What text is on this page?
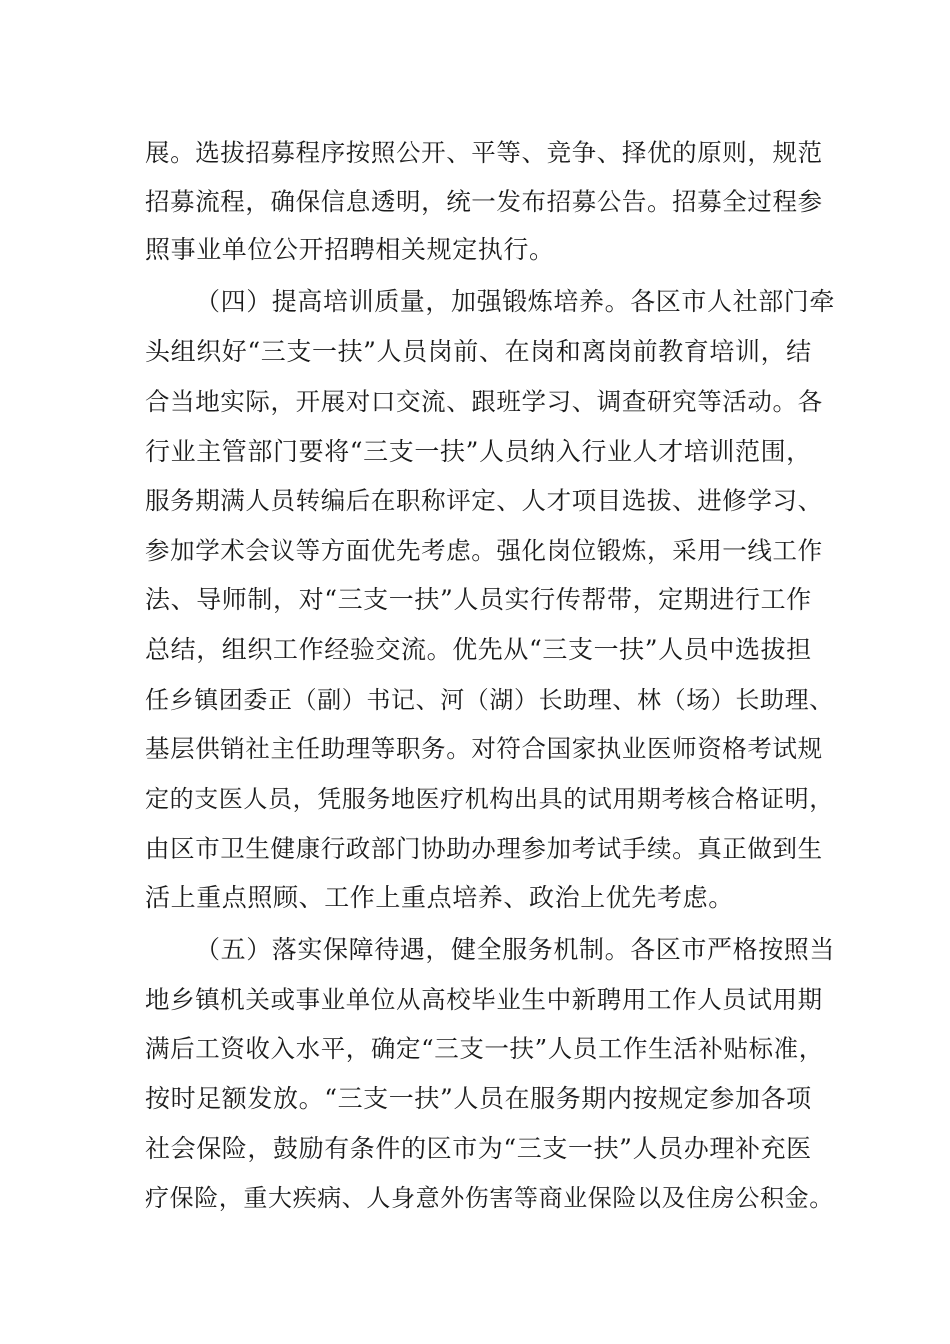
展。选拔招募程序按照公开、平等、竞争、择优的原则，规范
招募流程，确保信息透明，统一发布招募公告。招募全过程参
照事业单位公开招聘相关规定执行。
（四）提高培训质量，加强锻炼培养。各区市人社部门牵
头组织好“三支一扶”人员岗前、在岗和离岗前教育培训，结
合当地实际，开展对口交流、跟班学习、调查研究等活动。各
行业主管部门要将“三支一扶”人员纳入行业人才培训范围，
服务期满人员转编后在职称评定、人才项目选拔、进修学习、
参加学术会议等方面优先考虑。强化岗位锻炼，采用一线工作
法、导师制，对“三支一扶”人员实行传帮带，定期进行工作
总结，组织工作经验交流。优先从“三支一扶”人员中选拔担
任乡镇团委正（副）书记、河（湖）长助理、林（场）长助理、
基层供销社主任助理等职务。对符合国家执业医师资格考试规
定的支医人员，凭服务地医疗机构出具的试用期考核合格证明，
由区市卫生健康行政部门协助办理参加考试手续。真正做到生
活上重点照顾、工作上重点培养、政治上优先考虑。
（五）落实保障待遇，健全服务机制。各区市严格按照当
地乡镇机关或事业单位从高校毕业生中新聘用工作人员试用期
满后工资收入水平，确定“三支一扶”人员工作生活补贴标准，
按时足额发放。“三支一扶”人员在服务期内按规定参加各项
社会保险，鼓励有条件的区市为“三支一扶”人员办理补充医
疗保险，重大疾病、人身意外伤害等商业保险以及住房公积金。
